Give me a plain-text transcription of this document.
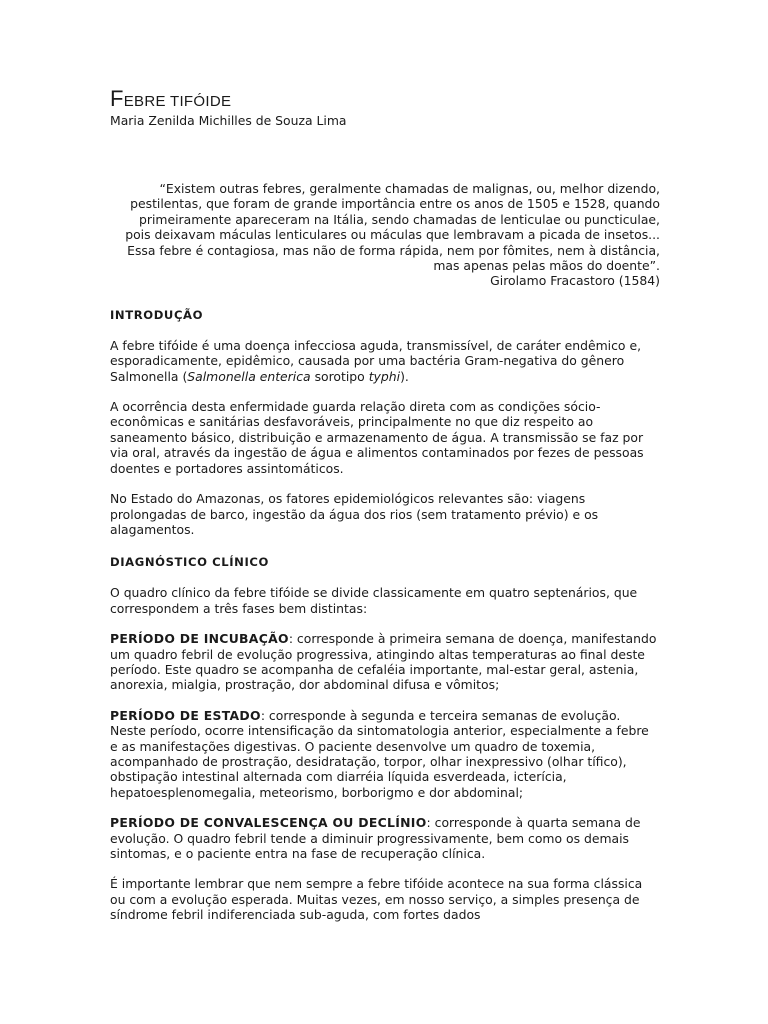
FEBRE TIFÓIDE

Maria Zenilda Michilles de Souza Lima

“Existem outras febres, geralmente chamadas de malignas, ou, melhor dizendo, pestilentas, que foram de grande importância entre os anos de 1505 e 1528, quando primeiramente apareceram na Itália, sendo chamadas de lenticulae ou puncticulae, pois deixavam máculas lenticulares ou máculas que lembravam a picada de insetos... Essa febre é contagiosa, mas não de forma rápida, nem por fômites, nem à distância, mas apenas pelas mãos do doente”.

Girolamo Fracastoro (1584)

INTRODUÇÃO

A febre tifóide é uma doença infecciosa aguda, transmissível, de caráter endêmico e, esporadicamente, epidêmico, causada por uma bactéria Gram-negativa do gênero Salmonella (Salmonella enterica sorotipo typhi).

A ocorrência desta enfermidade guarda relação direta com as condições sócio-econômicas e sanitárias desfavoráveis, principalmente no que diz respeito ao saneamento básico, distribuição e armazenamento de água. A transmissão se faz por via oral, através da ingestão de água e alimentos contaminados por fezes de pessoas doentes e portadores assintomáticos.

No Estado do Amazonas, os fatores epidemiológicos relevantes são: viagens prolongadas de barco, ingestão da água dos rios (sem tratamento prévio) e os alagamentos.

DIAGNÓSTICO CLÍNICO

O quadro clínico da febre tifóide se divide classicamente em quatro septenários, que correspondem a três fases bem distintas:

PERÍODO DE INCUBAÇÃO: corresponde à primeira semana de doença, manifestando um quadro febril de evolução progressiva, atingindo altas temperaturas ao final deste período. Este quadro se acompanha de cefaléia importante, mal-estar geral, astenia, anorexia, mialgia, prostração, dor abdominal difusa e vômitos;

PERÍODO DE ESTADO: corresponde à segunda e terceira semanas de evolução. Neste período, ocorre intensificação da sintomatologia anterior, especialmente a febre e as manifestações digestivas. O paciente desenvolve um quadro de toxemia, acompanhado de prostração, desidratação, torpor, olhar inexpressivo (olhar tífico), obstipação intestinal alternada com diarréia líquida esverdeada, icterícia, hepatoesplenomegalia, meteorismo, borborigmo e dor abdominal;

PERÍODO DE CONVALESCENÇA OU DECLÍNIO: corresponde à quarta semana de evolução. O quadro febril tende a diminuir progressivamente, bem como os demais sintomas, e o paciente entra na fase de recuperação clínica.

É importante lembrar que nem sempre a febre tifóide acontece na sua forma clássica ou com a evolução esperada. Muitas vezes, em nosso serviço, a simples presença de síndrome febril indiferenciada sub-aguda, com fortes dados
